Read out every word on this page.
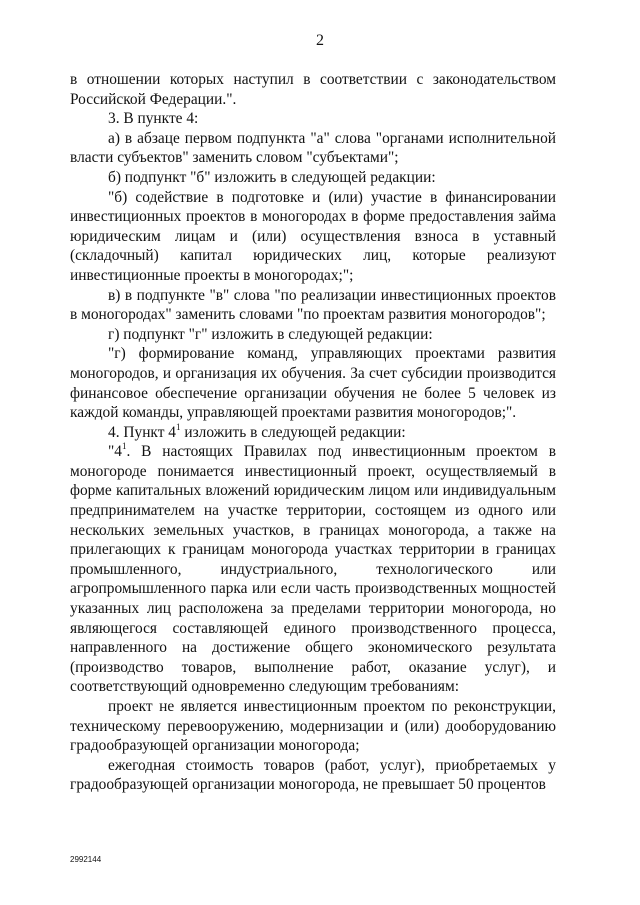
2

в отношении которых наступил в соответствии с законодательством Российской Федерации.".

3. В пункте 4:

а) в абзаце первом подпункта "а" слова "органами исполнительной власти субъектов" заменить словом "субъектами";

б) подпункт "б" изложить в следующей редакции:

"б) содействие в подготовке и (или) участие в финансировании инвестиционных проектов в моногородах в форме предоставления займа юридическим лицам и (или) осуществления взноса в уставный (складочный) капитал юридических лиц, которые реализуют инвестиционные проекты в моногородах;";

в) в подпункте "в" слова "по реализации инвестиционных проектов в моногородах" заменить словами "по проектам развития моногородов";

г) подпункт "г" изложить в следующей редакции:

"г) формирование команд, управляющих проектами развития моногородов, и организация их обучения. За счет субсидии производится финансовое обеспечение организации обучения не более 5 человек из каждой команды, управляющей проектами развития моногородов;".

4. Пункт $4^1$ изложить в следующей редакции:

"$4^1$. В настоящих Правилах под инвестиционным проектом в моногороде понимается инвестиционный проект, осуществляемый в форме капитальных вложений юридическим лицом или индивидуальным предпринимателем на участке территории, состоящем из одного или нескольких земельных участков, в границах моногорода, а также на прилегающих к границам моногорода участках территории в границах промышленного, индустриального, технологического или агропромышленного парка или если часть производственных мощностей указанных лиц расположена за пределами территории моногорода, но являющегося составляющей единого производственного процесса, направленного на достижение общего экономического результата (производство товаров, выполнение работ, оказание услуг), и соответствующий одновременно следующим требованиям:

проект не является инвестиционным проектом по реконструкции, техническому перевооружению, модернизации и (или) дооборудованию градообразующей организации моногорода;

ежегодная стоимость товаров (работ, услуг), приобретаемых у градообразующей организации моногорода, не превышает 50 процентов

2992144
